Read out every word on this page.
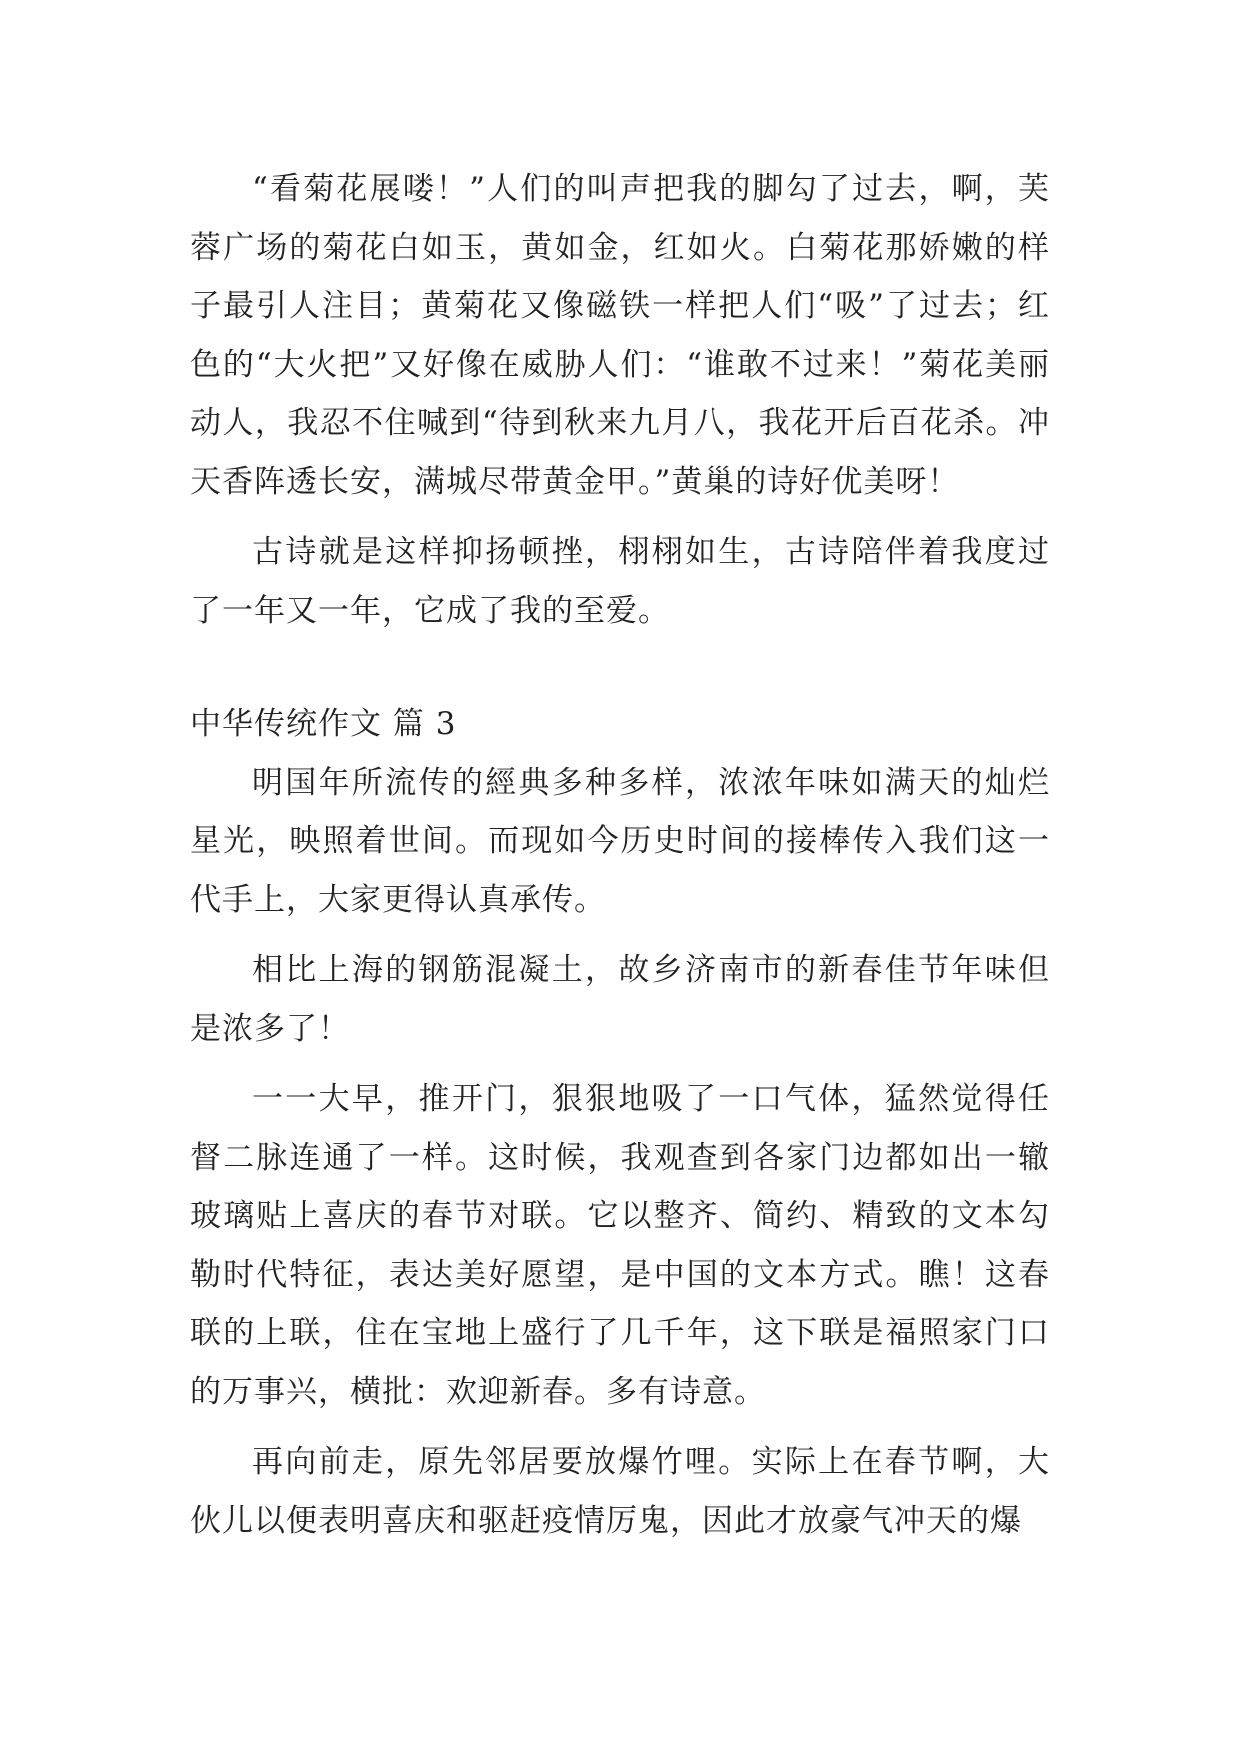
“看菊花展喽！”人们的叫声把我的脚勾了过去，啊，芙蓉广场的菊花白如玉，黄如金，红如火。白菊花那娇嫩的样子最引人注目；黄菊花又像磁铁一样把人们“吸”了过去；红色的“大火把”又好像在威胁人们：“谁敢不过来！”菊花美丽动人，我忍不住喊到“待到秋来九月八，我花开后百花杀。冲天香阵透长安，满城尽带黄金甲。”黄巢的诗好优美呀！

古诗就是这样抑扬顿挫，栩栩如生，古诗陪伴着我度过了一年又一年，它成了我的至爱。

中华传统作文 篇 3

明国年所流传的經典多种多样，浓浓年味如满天的灿烂星光，映照着世间。而现如今历史时间的接棒传入我们这一代手上，大家更得认真承传。

相比上海的钢筋混凝土，故乡济南市的新春佳节年味但是浓多了！

一一大早，推开门，狠狠地吸了一口气体，猛然觉得任督二脉连通了一样。这时候，我观查到各家门边都如出一辙玻璃贴上喜庆的春节对联。它以整齐、简约、精致的文本勾勒时代特征，表达美好愿望，是中国的文本方式。瞧！这春联的上联，住在宝地上盛行了几千年，这下联是福照家门口的万事兴，横批：欢迎新春。多有诗意。

再向前走，原先邻居要放爆竹哩。实际上在春节啊，大伙儿以便表明喜庆和驱赶疫情厉鬼，因此才放豪气冲天的爆
